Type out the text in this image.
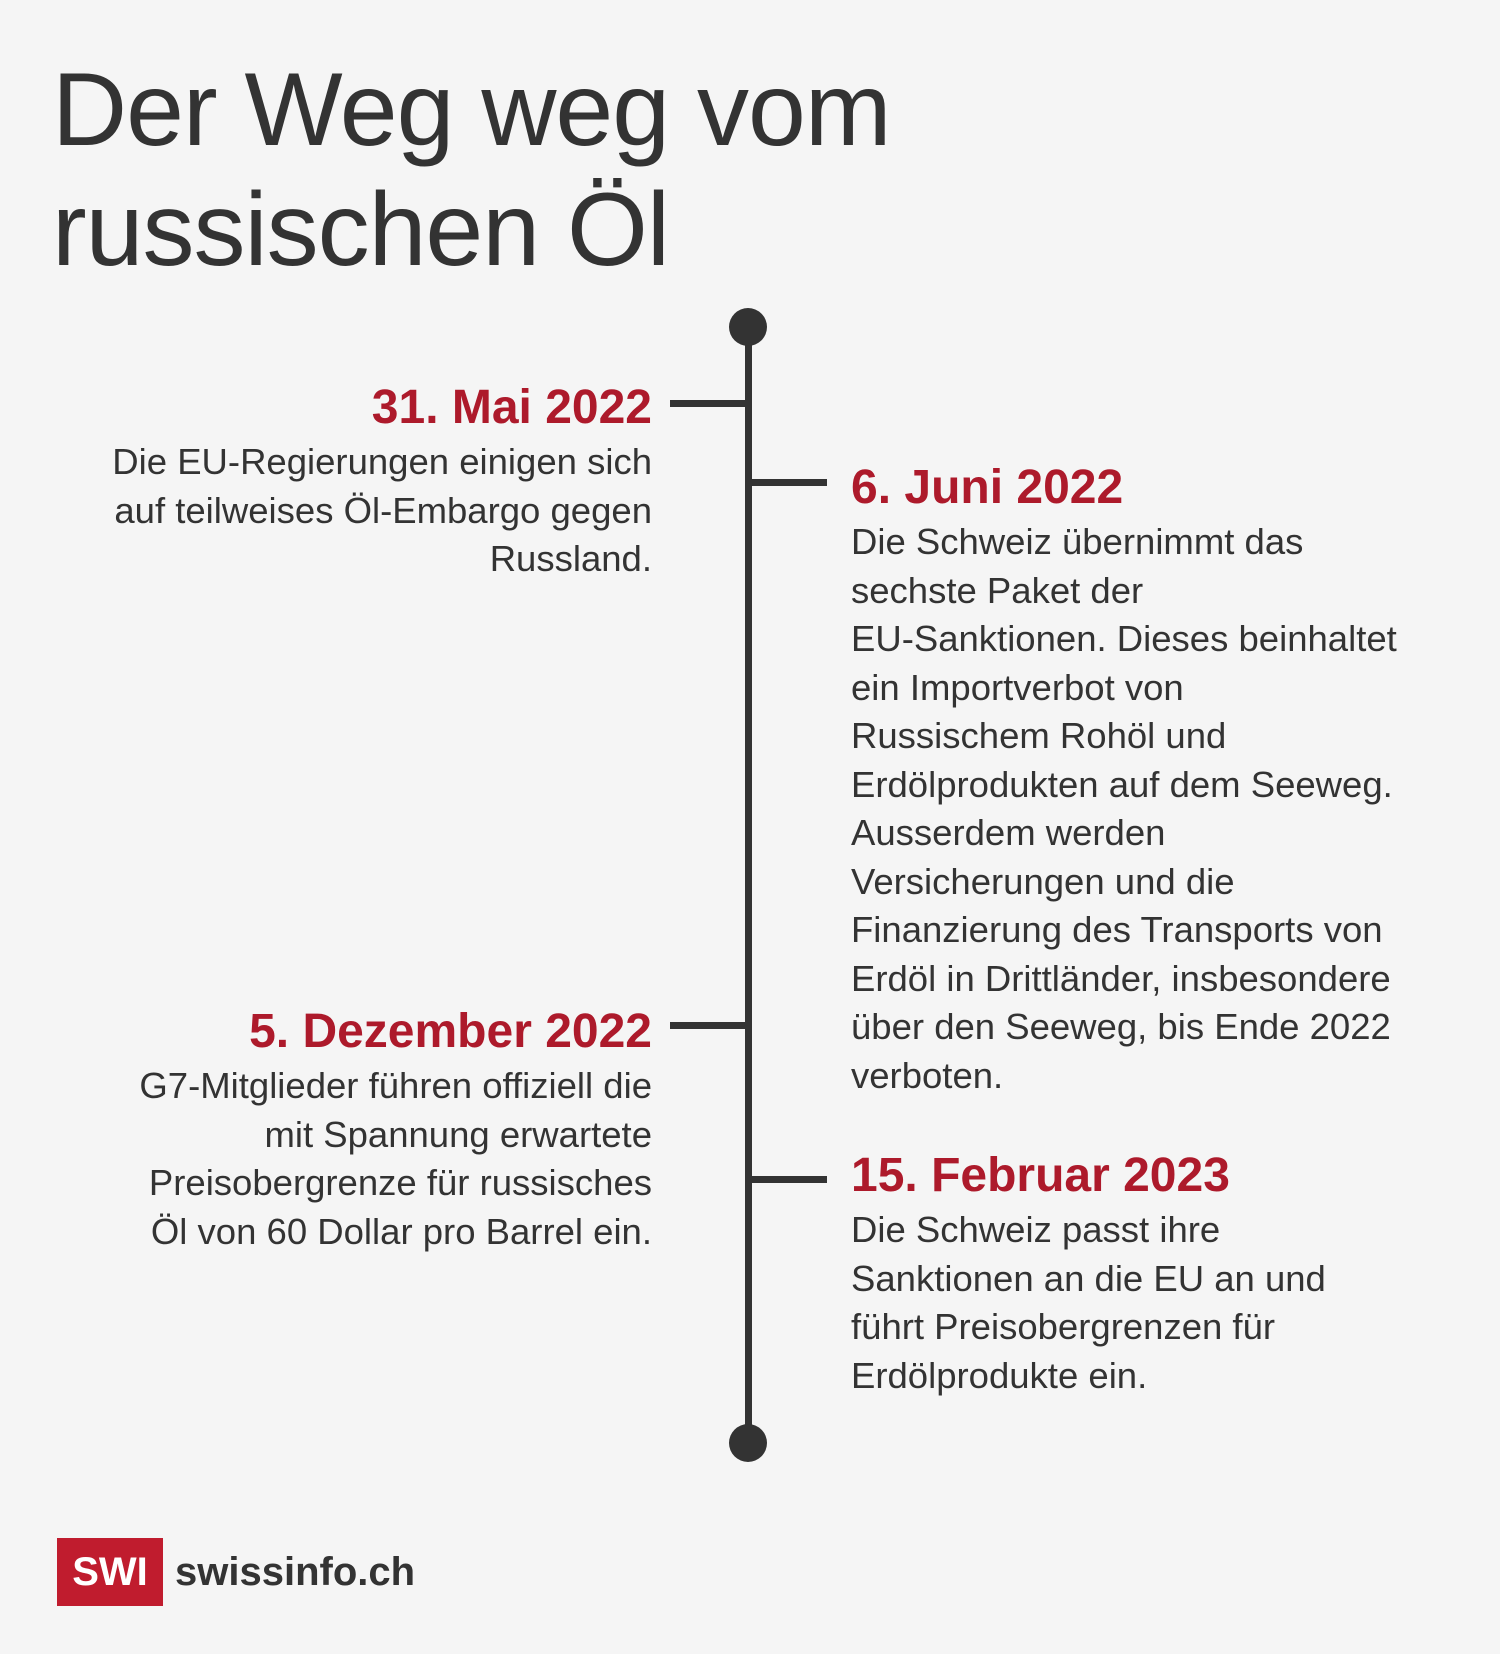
Der Weg weg vom
russischen Öl
31. Mai 2022
Die EU-Regierungen einigen sich
auf teilweises Öl-Embargo gegen
Russland.
6. Juni 2022
Die Schweiz übernimmt das
sechste Paket der
EU-Sanktionen. Dieses beinhaltet
ein Importverbot von
Russischem Rohöl und
Erdölprodukten auf dem Seeweg.
Ausserdem werden
Versicherungen und die
Finanzierung des Transports von
Erdöl in Drittländer, insbesondere
über den Seeweg, bis Ende 2022
verboten.
5. Dezember 2022
G7-Mitglieder führen offiziell die
mit Spannung erwartete
Preisobergrenze für russisches
Öl von 60 Dollar pro Barrel ein.
15. Februar 2023
Die Schweiz passt ihre
Sanktionen an die EU an und
führt Preisobergrenzen für
Erdölprodukte ein.
SWI swissinfo.ch
